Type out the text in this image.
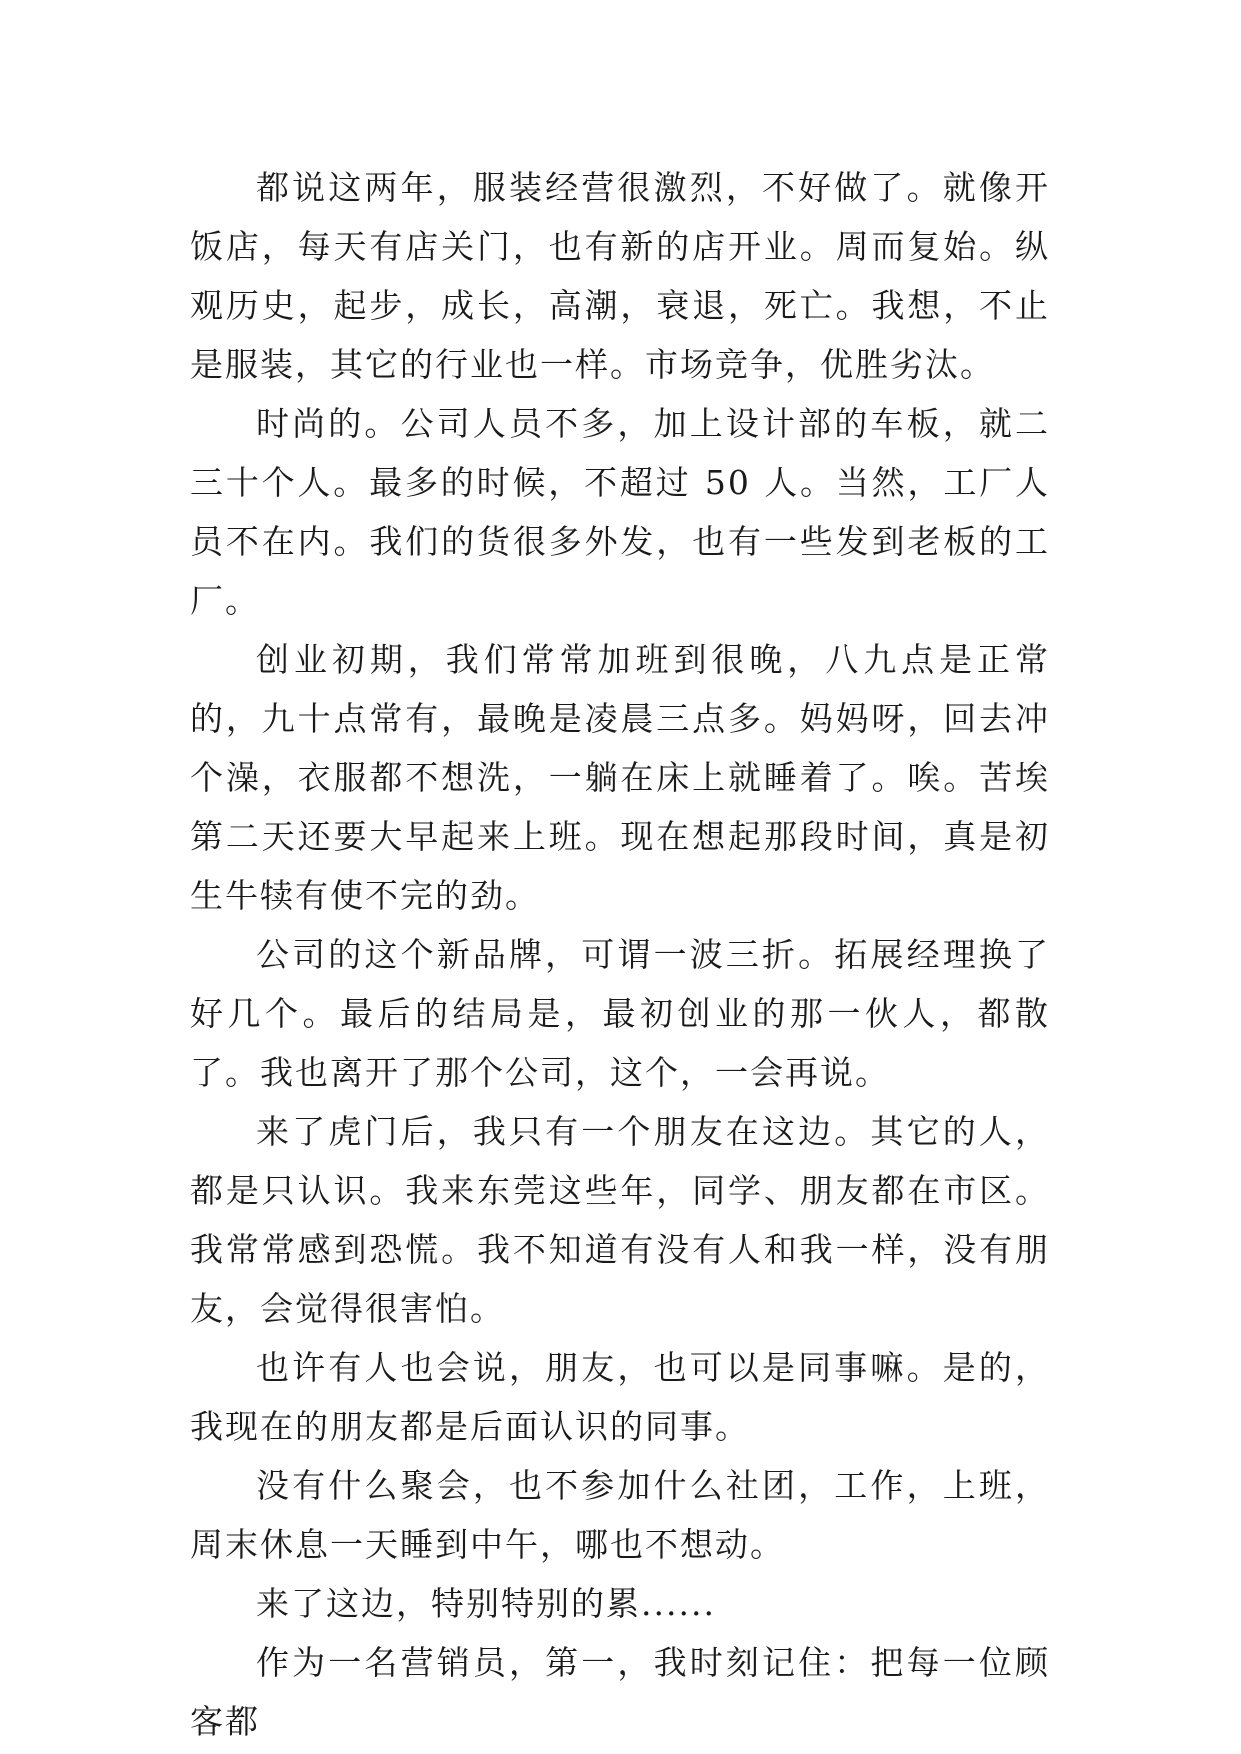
都说这两年，服装经营很激烈，不好做了。就像开饭店，每天有店关门，也有新的店开业。周而复始。纵观历史，起步，成长，高潮，衰退，死亡。我想，不止是服装，其它的行业也一样。市场竞争，优胜劣汰。

时尚的。公司人员不多，加上设计部的车板，就二三十个人。最多的时候，不超过 50 人。当然，工厂人员不在内。我们的货很多外发，也有一些发到老板的工厂。

创业初期，我们常常加班到很晚，八九点是正常的，九十点常有，最晚是凌晨三点多。妈妈呀，回去冲个澡，衣服都不想洗，一躺在床上就睡着了。唉。苦埃第二天还要大早起来上班。现在想起那段时间，真是初生牛犊有使不完的劲。

公司的这个新品牌，可谓一波三折。拓展经理换了好几个。最后的结局是，最初创业的那一伙人，都散了。我也离开了那个公司，这个，一会再说。

来了虎门后，我只有一个朋友在这边。其它的人，都是只认识。我来东莞这些年，同学、朋友都在市区。我常常感到恐慌。我不知道有没有人和我一样，没有朋友，会觉得很害怕。

也许有人也会说，朋友，也可以是同事嘛。是的，我现在的朋友都是后面认识的同事。

没有什么聚会，也不参加什么社团，工作，上班，周末休息一天睡到中午，哪也不想动。

来了这边，特别特别的累......

作为一名营销员，第一，我时刻记住：把每一位顾客都
